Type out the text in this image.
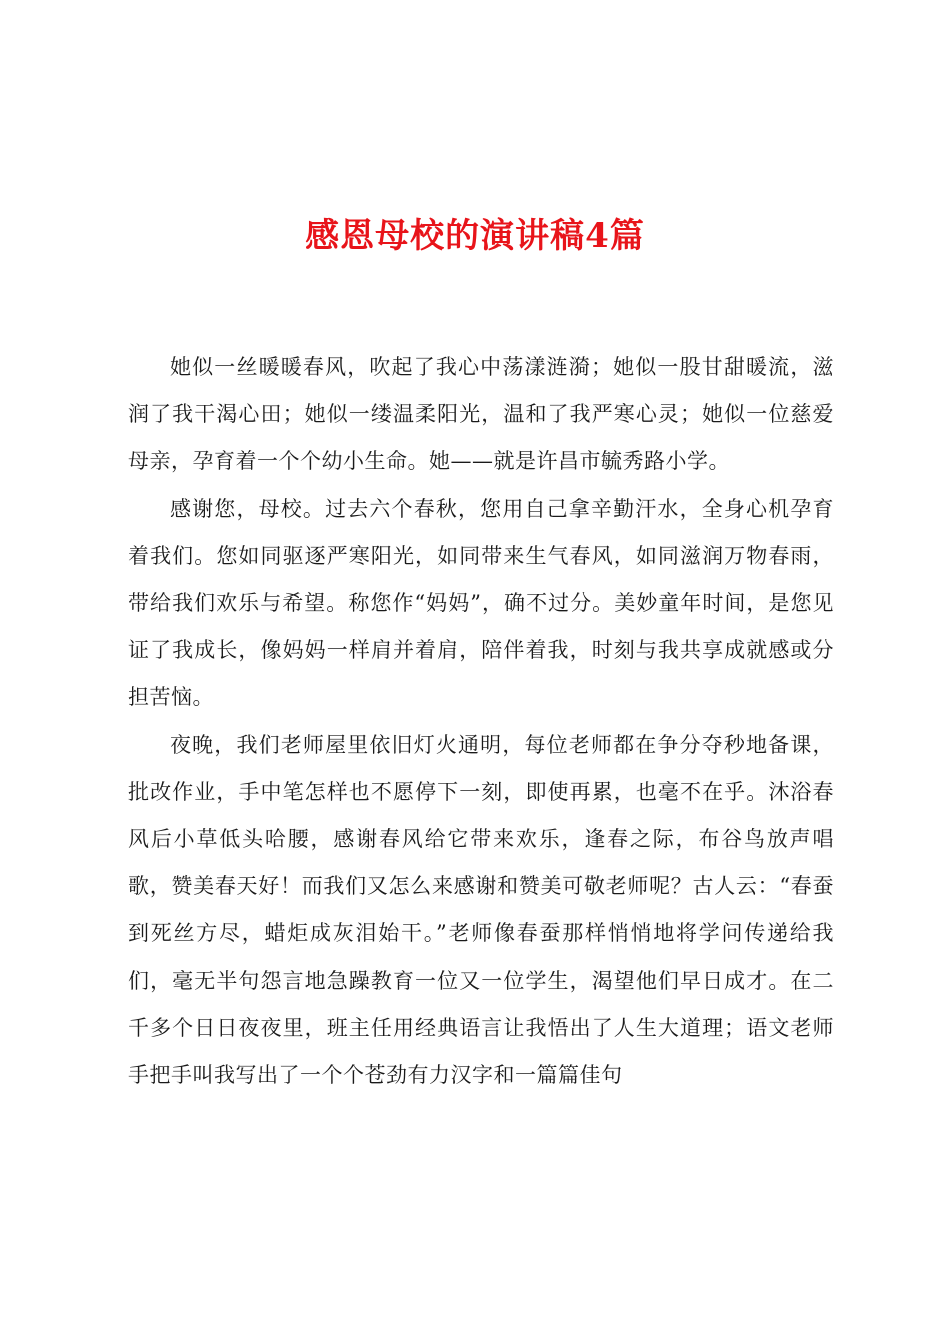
感恩母校的演讲稿4篇

她似一丝暖暖春风，吹起了我心中荡漾涟漪；她似一股甘甜暖流，滋润了我干渴心田；她似一缕温柔阳光，温和了我严寒心灵；她似一位慈爱母亲，孕育着一个个幼小生命。她——就是许昌市毓秀路小学。

感谢您，母校。过去六个春秋，您用自己拿辛勤汗水，全身心机孕育着我们。您如同驱逐严寒阳光，如同带来生气春风，如同滋润万物春雨，带给我们欢乐与希望。称您作“妈妈”，确不过分。美妙童年时间，是您见证了我成长，像妈妈一样肩并着肩，陪伴着我，时刻与我共享成就感或分担苦恼。

夜晚，我们老师屋里依旧灯火通明，每位老师都在争分夺秒地备课，批改作业，手中笔怎样也不愿停下一刻，即使再累，也毫不在乎。沐浴春风后小草低头哈腰，感谢春风给它带来欢乐，逢春之际，布谷鸟放声唱歌，赞美春天好！而我们又怎么来感谢和赞美可敬老师呢？古人云：“春蚕到死丝方尽，蜡炬成灰泪始干。”老师像春蚕那样悄悄地将学问传递给我们，毫无半句怨言地急躁教育一位又一位学生，渴望他们早日成才。在二千多个日日夜夜里，班主任用经典语言让我悟出了人生大道理；语文老师手把手叫我写出了一个个苍劲有力汉字和一篇篇佳句
